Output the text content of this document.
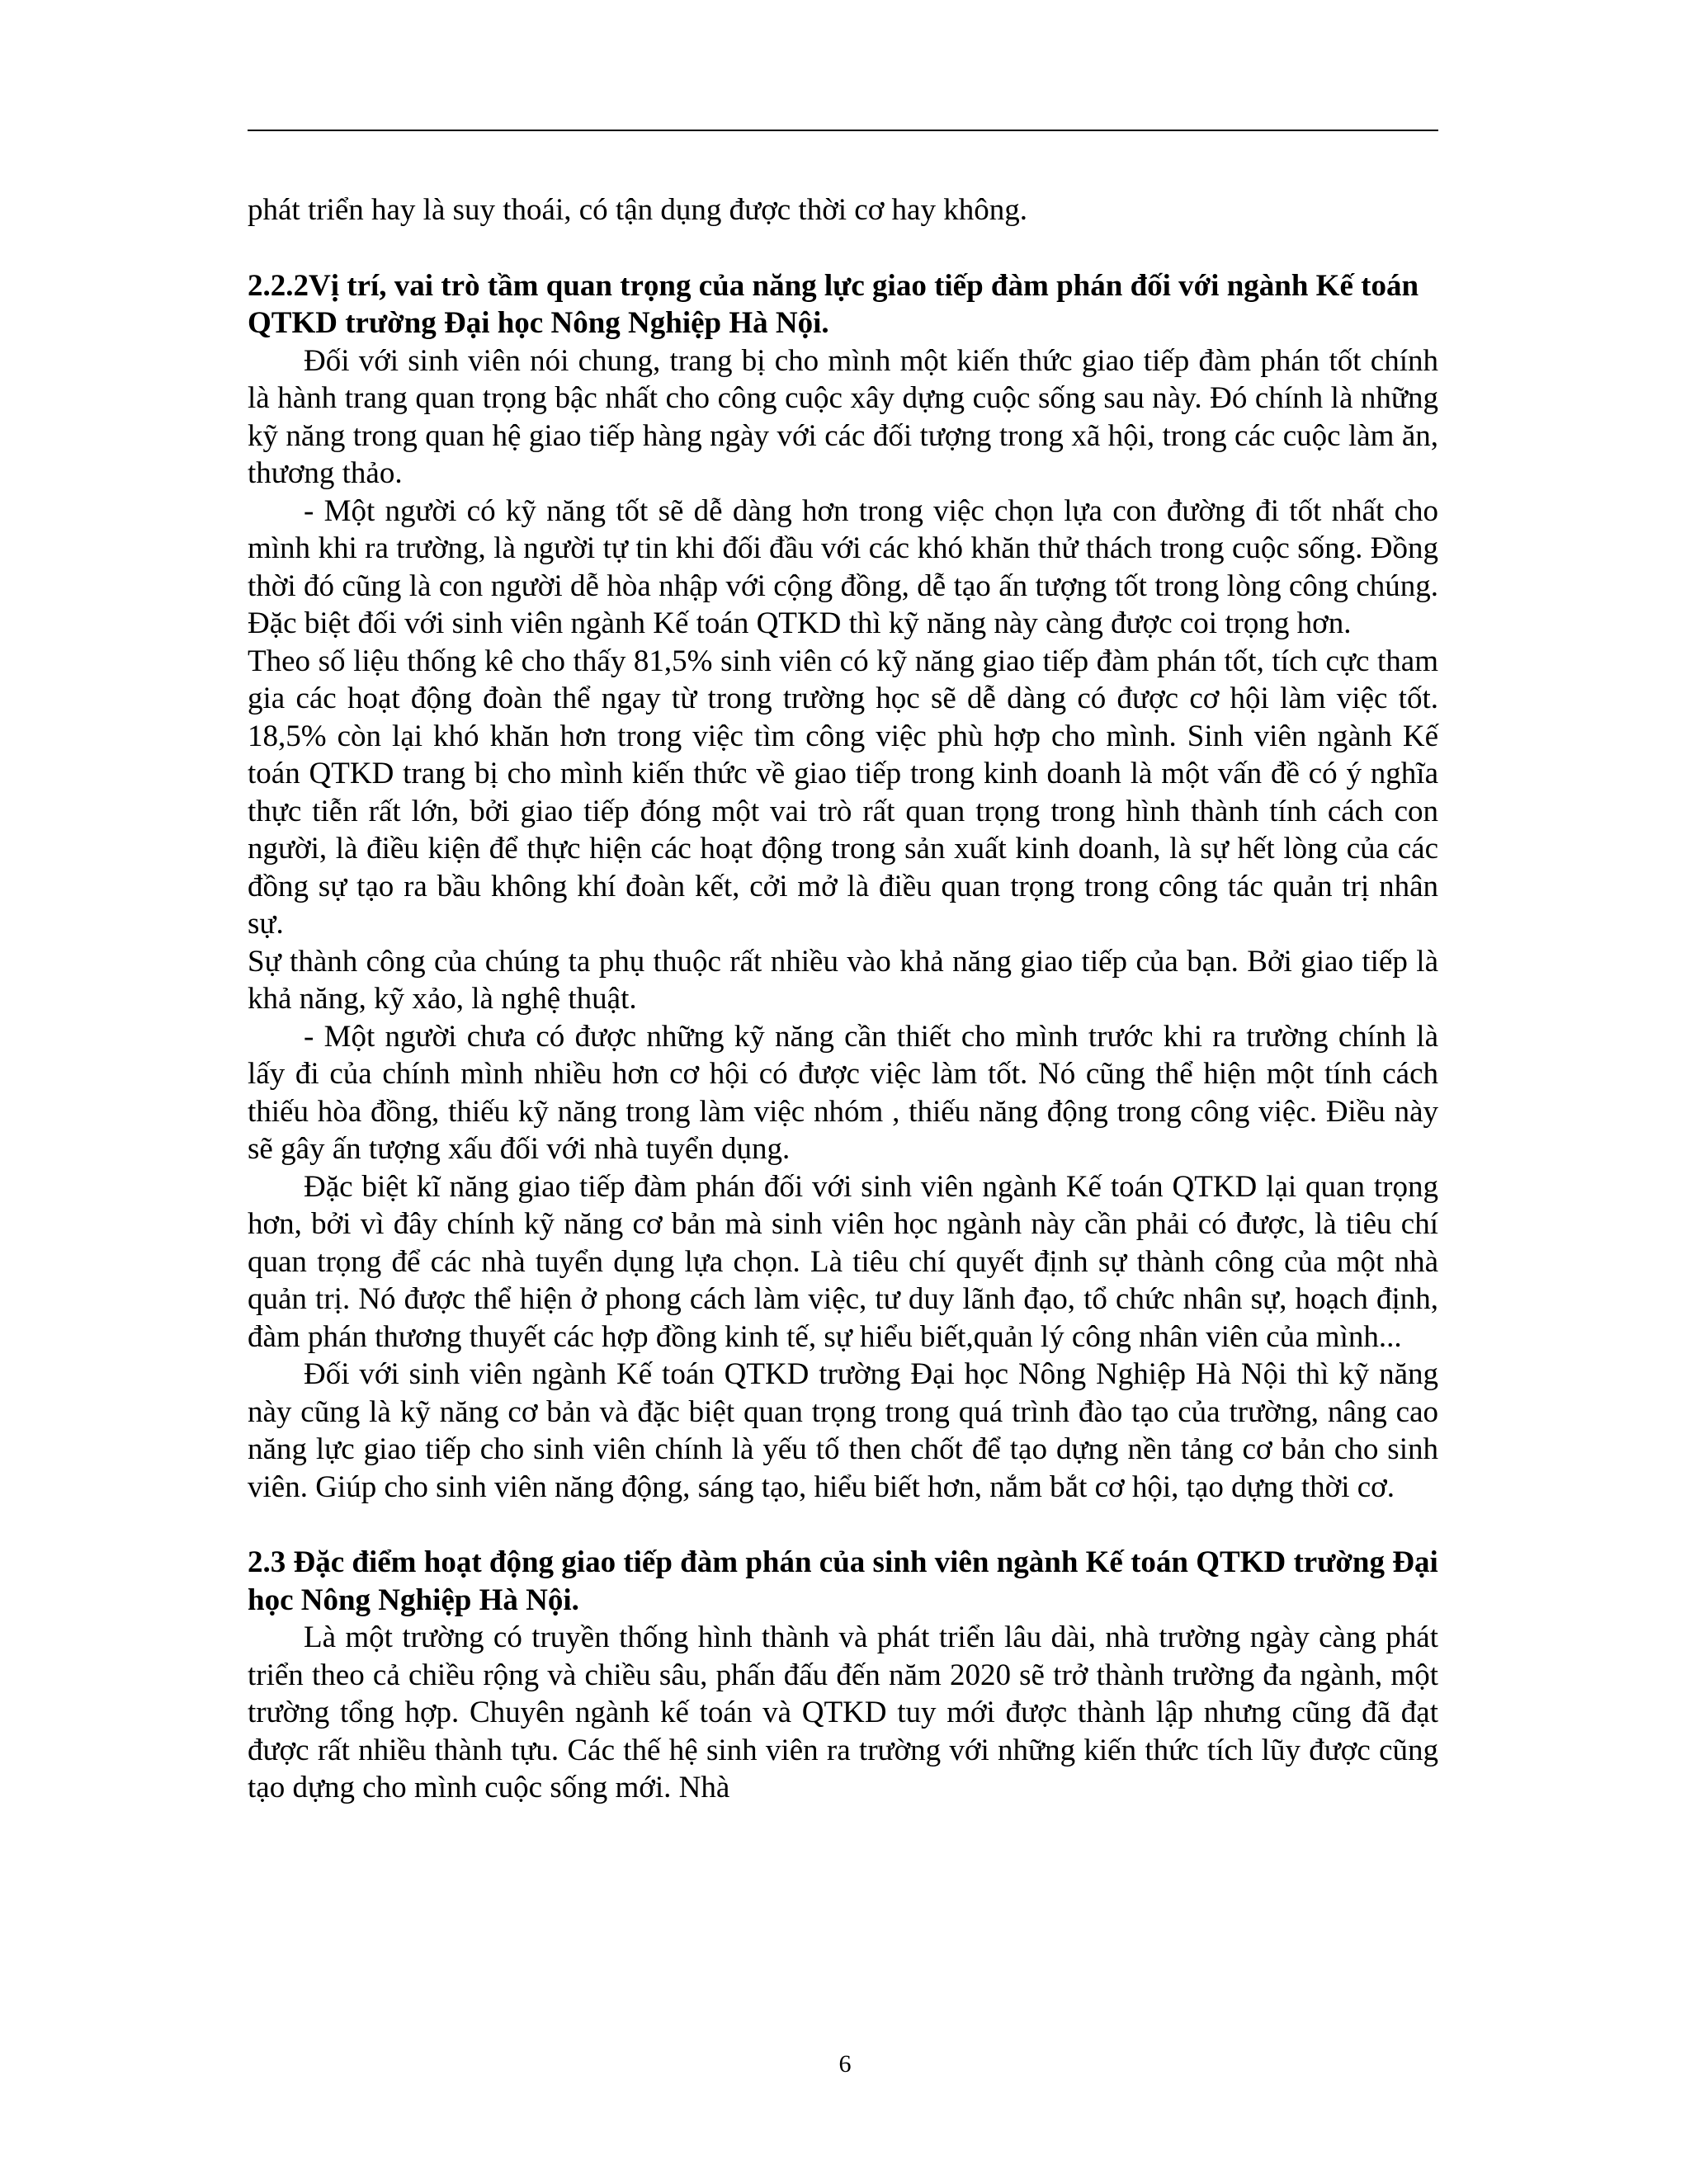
phát triển hay là suy thoái, có tận dụng được thời cơ hay không.

2.2.2Vị trí, vai trò tầm quan trọng của năng lực giao tiếp đàm phán đối với ngành Kế toán QTKD trường Đại học Nông Nghiệp Hà Nội.

Đối với sinh viên nói chung, trang bị cho mình một kiến thức giao tiếp đàm phán tốt chính là hành trang quan trọng bậc nhất cho công cuộc xây dựng cuộc sống sau này. Đó chính là những kỹ năng trong quan hệ giao tiếp hàng ngày với các đối tượng trong xã hội, trong các cuộc làm ăn, thương thảo.

- Một người có kỹ năng tốt sẽ dễ dàng hơn trong việc chọn lựa con đường đi tốt nhất cho mình khi ra trường, là người tự tin khi đối đầu với các khó khăn thử thách trong cuộc sống. Đồng thời đó cũng là con người dễ hòa nhập với cộng đồng, dễ tạo ấn tượng tốt trong lòng công chúng. Đặc biệt đối với sinh viên ngành Kế toán QTKD thì kỹ năng này càng được coi trọng hơn.

Theo số liệu thống kê cho thấy 81,5% sinh viên có kỹ năng giao tiếp đàm phán tốt, tích cực tham gia các hoạt động đoàn thể ngay từ trong trường học sẽ dễ dàng có được cơ hội làm việc tốt. 18,5% còn lại khó khăn hơn trong việc tìm công việc phù hợp cho mình. Sinh viên ngành Kế toán QTKD trang bị cho mình kiến thức về giao tiếp trong kinh doanh là một vấn đề có ý nghĩa thực tiễn rất lớn, bởi giao tiếp đóng một vai trò rất quan trọng trong hình thành tính cách con người, là điều kiện để thực hiện các hoạt động trong sản xuất kinh doanh, là sự hết lòng của các đồng sự tạo ra bầu không khí đoàn kết, cởi mở là điều quan trọng trong công tác quản trị nhân sự.

Sự thành công của chúng ta phụ thuộc rất nhiều vào khả năng giao tiếp của bạn. Bởi giao tiếp là khả năng, kỹ xảo, là nghệ thuật.

- Một người chưa có được những kỹ năng cần thiết cho mình trước khi ra trường chính là lấy đi của chính mình nhiều hơn cơ hội có được việc làm tốt. Nó cũng thể hiện một tính cách thiếu hòa đồng, thiếu kỹ năng trong làm việc nhóm , thiếu năng động trong công việc. Điều này sẽ gây ấn tượng xấu đối với nhà tuyển dụng.

Đặc biệt kĩ năng giao tiếp đàm phán đối với sinh viên ngành Kế toán QTKD lại quan trọng hơn, bởi vì đây chính kỹ năng cơ bản mà sinh viên học ngành này cần phải có được, là tiêu chí quan trọng để các nhà tuyển dụng lựa chọn. Là tiêu chí quyết định sự thành công của một nhà quản trị. Nó được thể hiện ở phong cách làm việc, tư duy lãnh đạo, tổ chức nhân sự, hoạch định, đàm phán thương thuyết các hợp đồng kinh tế, sự hiểu biết,quản lý công nhân viên của mình...

Đối với sinh viên ngành Kế toán QTKD trường Đại học Nông Nghiệp Hà Nội thì kỹ năng này cũng là kỹ năng cơ bản và đặc biệt quan trọng trong quá trình đào tạo của trường, nâng cao năng lực giao tiếp cho sinh viên chính là yếu tố then chốt để tạo dựng nền tảng cơ bản cho sinh viên. Giúp cho sinh viên năng động, sáng tạo, hiểu biết hơn, nắm bắt cơ hội, tạo dựng thời cơ.

2.3 Đặc điểm hoạt động giao tiếp đàm phán của sinh viên ngành Kế toán QTKD trường Đại học Nông Nghiệp Hà Nội.

Là một trường có truyền thống hình thành và phát triển lâu dài, nhà trường ngày càng phát triển theo cả chiều rộng và chiều sâu, phấn đấu đến năm 2020 sẽ trở thành trường đa ngành, một trường tổng hợp. Chuyên ngành kế toán và QTKD tuy mới được thành lập nhưng cũng đã đạt được rất nhiều thành tựu. Các thế hệ sinh viên ra trường với những kiến thức tích lũy được cũng tạo dựng cho mình cuộc sống mới. Nhà

6
